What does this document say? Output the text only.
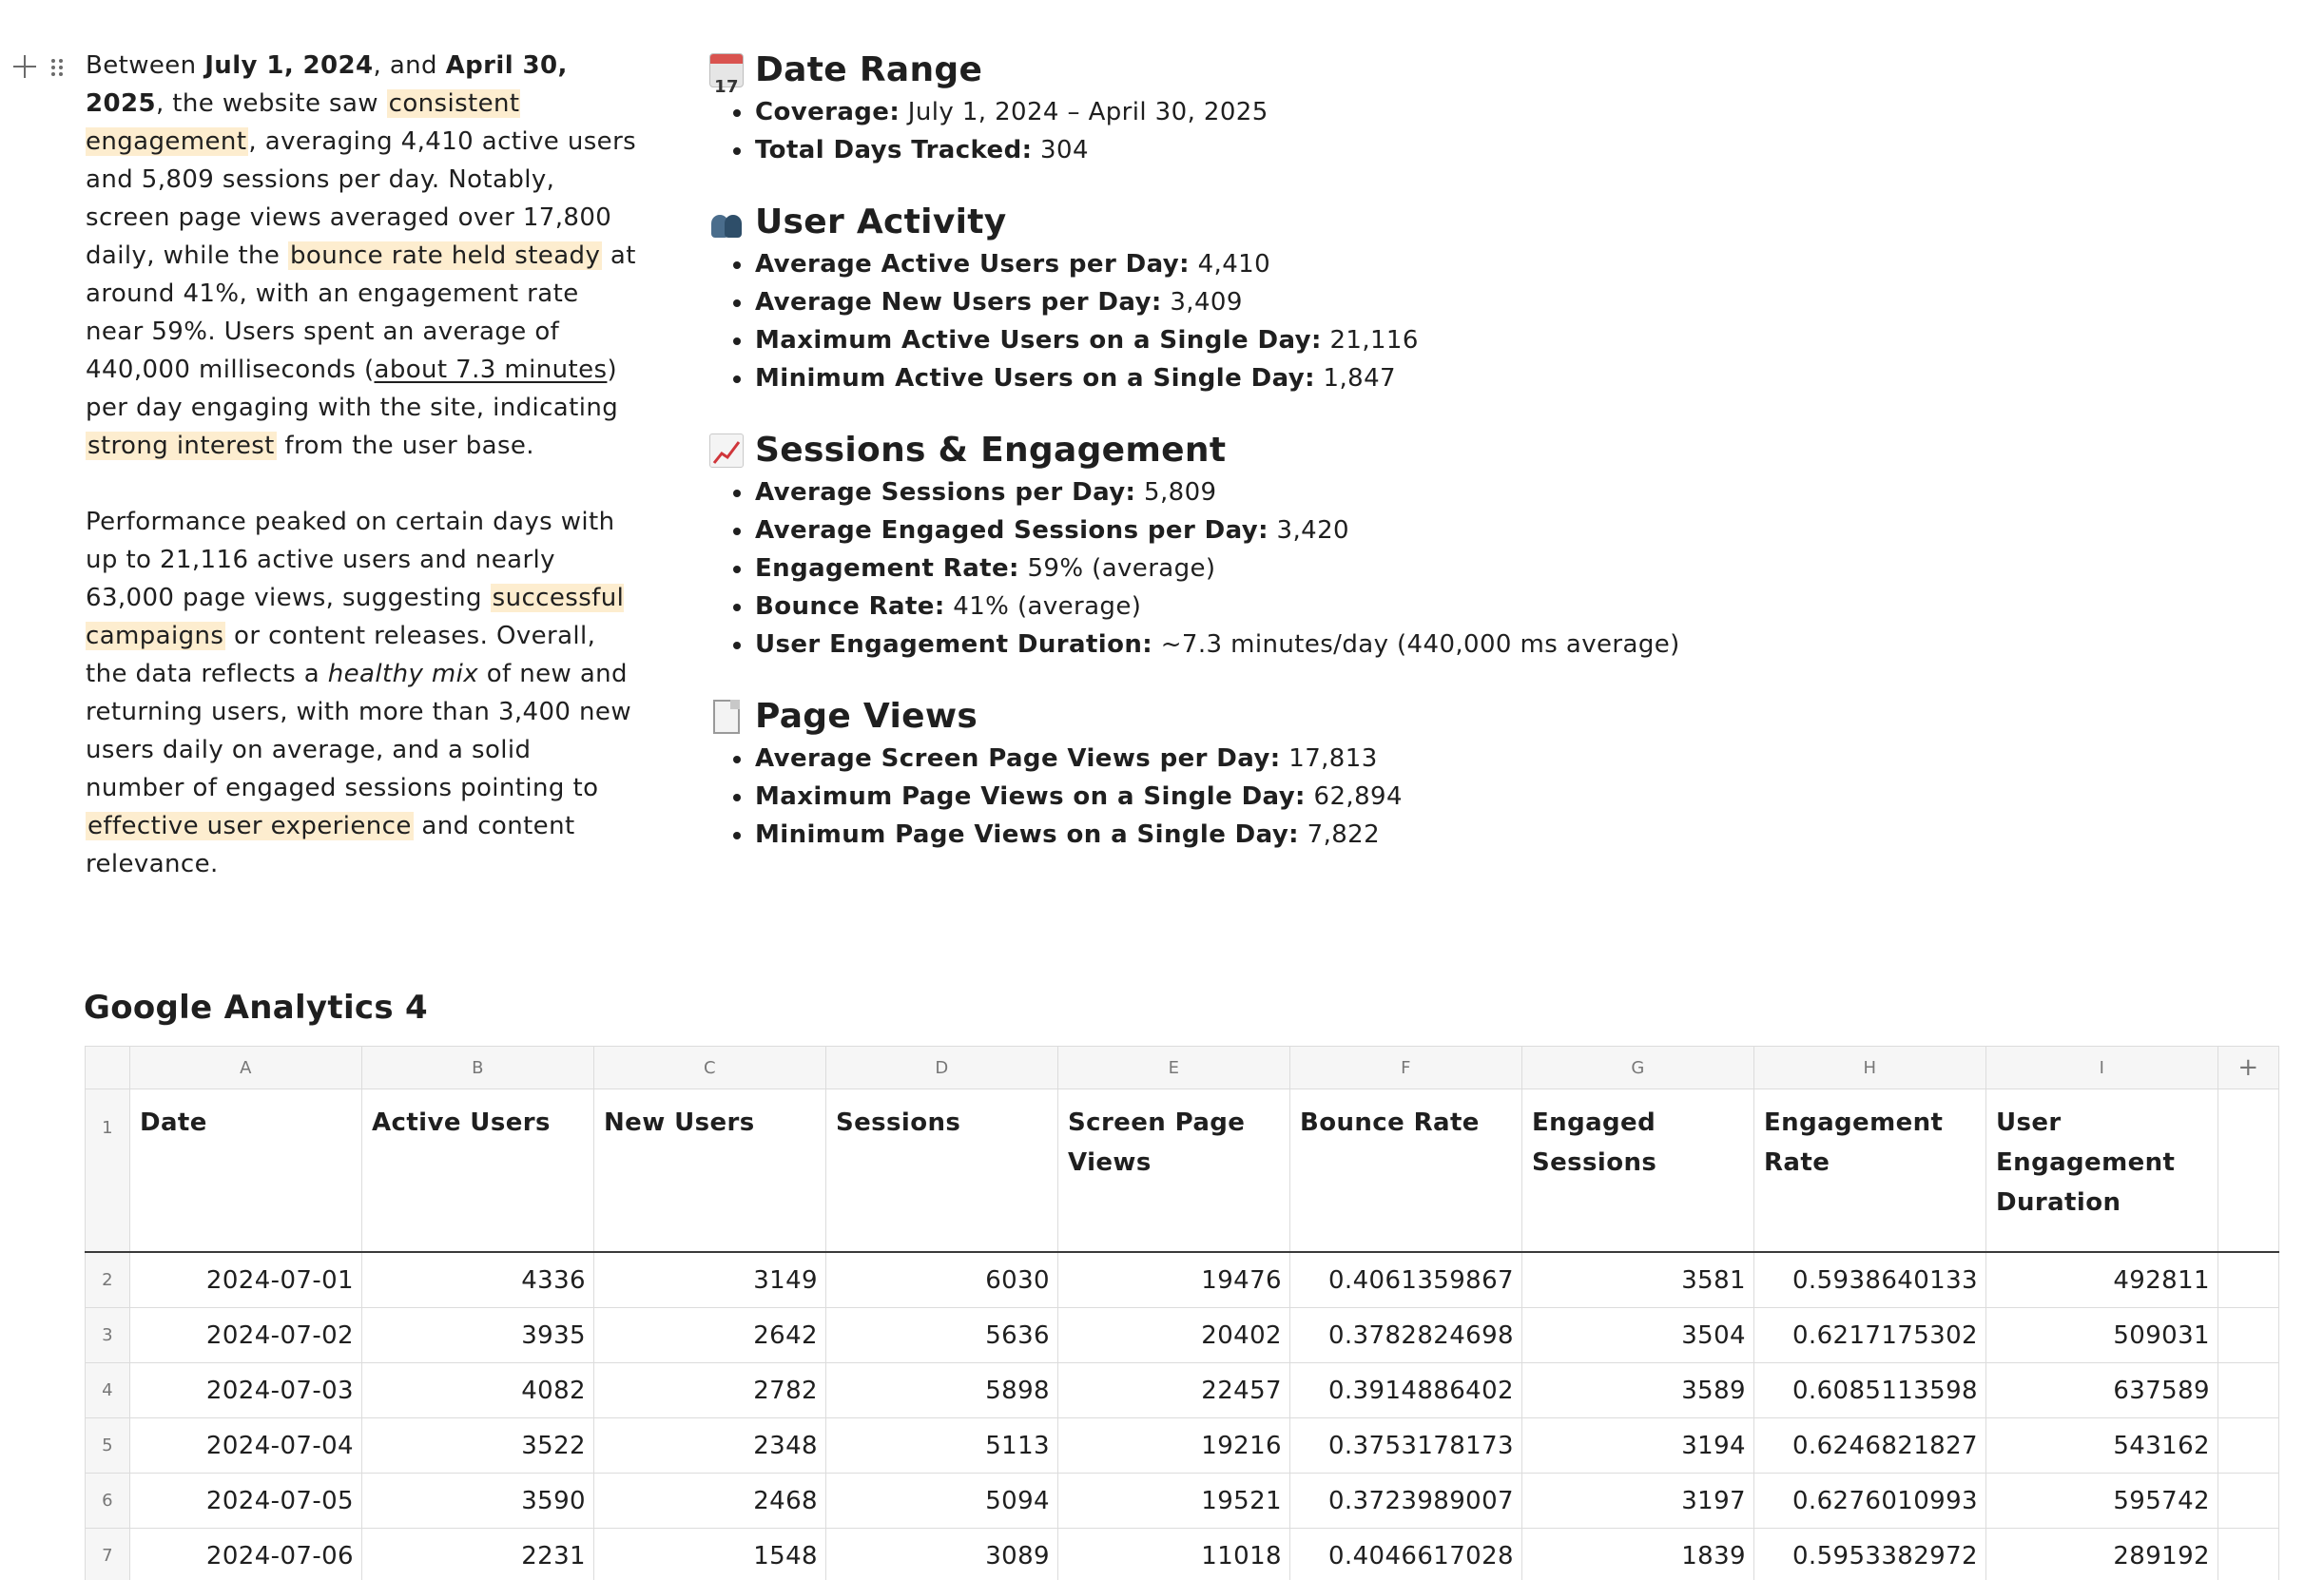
Between July 1, 2024, and April 30, 2025, the website saw consistent engagement, averaging 4,410 active users and 5,809 sessions per day. Notably, screen page views averaged over 17,800 daily, while the bounce rate held steady at around 41%, with an engagement rate near 59%. Users spent an average of 440,000 milliseconds (about 7.3 minutes) per day engaging with the site, indicating strong interest from the user base.

Performance peaked on certain days with up to 21,116 active users and nearly 63,000 page views, suggesting successful campaigns or content releases. Overall, the data reflects a healthy mix of new and returning users, with more than 3,400 new users daily on average, and a solid number of engaged sessions pointing to effective user experience and content relevance.

17 Date Range
Coverage: July 1, 2024 – April 30, 2025
Total Days Tracked: 304
User Activity
Average Active Users per Day: 4,410
Average New Users per Day: 3,409
Maximum Active Users on a Single Day: 21,116
Minimum Active Users on a Single Day: 1,847
Sessions & Engagement
Average Sessions per Day: 5,809
Average Engaged Sessions per Day: 3,420
Engagement Rate: 59% (average)
Bounce Rate: 41% (average)
User Engagement Duration: ~7.3 minutes/day (440,000 ms average)
Page Views
Average Screen Page Views per Day: 17,813
Maximum Page Views on a Single Day: 62,894
Minimum Page Views on a Single Day: 7,822
Google Analytics 4
	A	B	C	D	E	F	G	H	I	+
1	Date	Active Users	New Users	Sessions	Screen Page Views	Bounce Rate	Engaged Sessions	Engagement Rate	User Engagement Duration	
2	2024-07-01	4336	3149	6030	19476	0.4061359867	3581	0.5938640133	492811	
3	2024-07-02	3935	2642	5636	20402	0.3782824698	3504	0.6217175302	509031	
4	2024-07-03	4082	2782	5898	22457	0.3914886402	3589	0.6085113598	637589	
5	2024-07-04	3522	2348	5113	19216	0.3753178173	3194	0.6246821827	543162	
6	2024-07-05	3590	2468	5094	19521	0.3723989007	3197	0.6276010993	595742	
7	2024-07-06	2231	1548	3089	11018	0.4046617028	1839	0.5953382972	289192	
